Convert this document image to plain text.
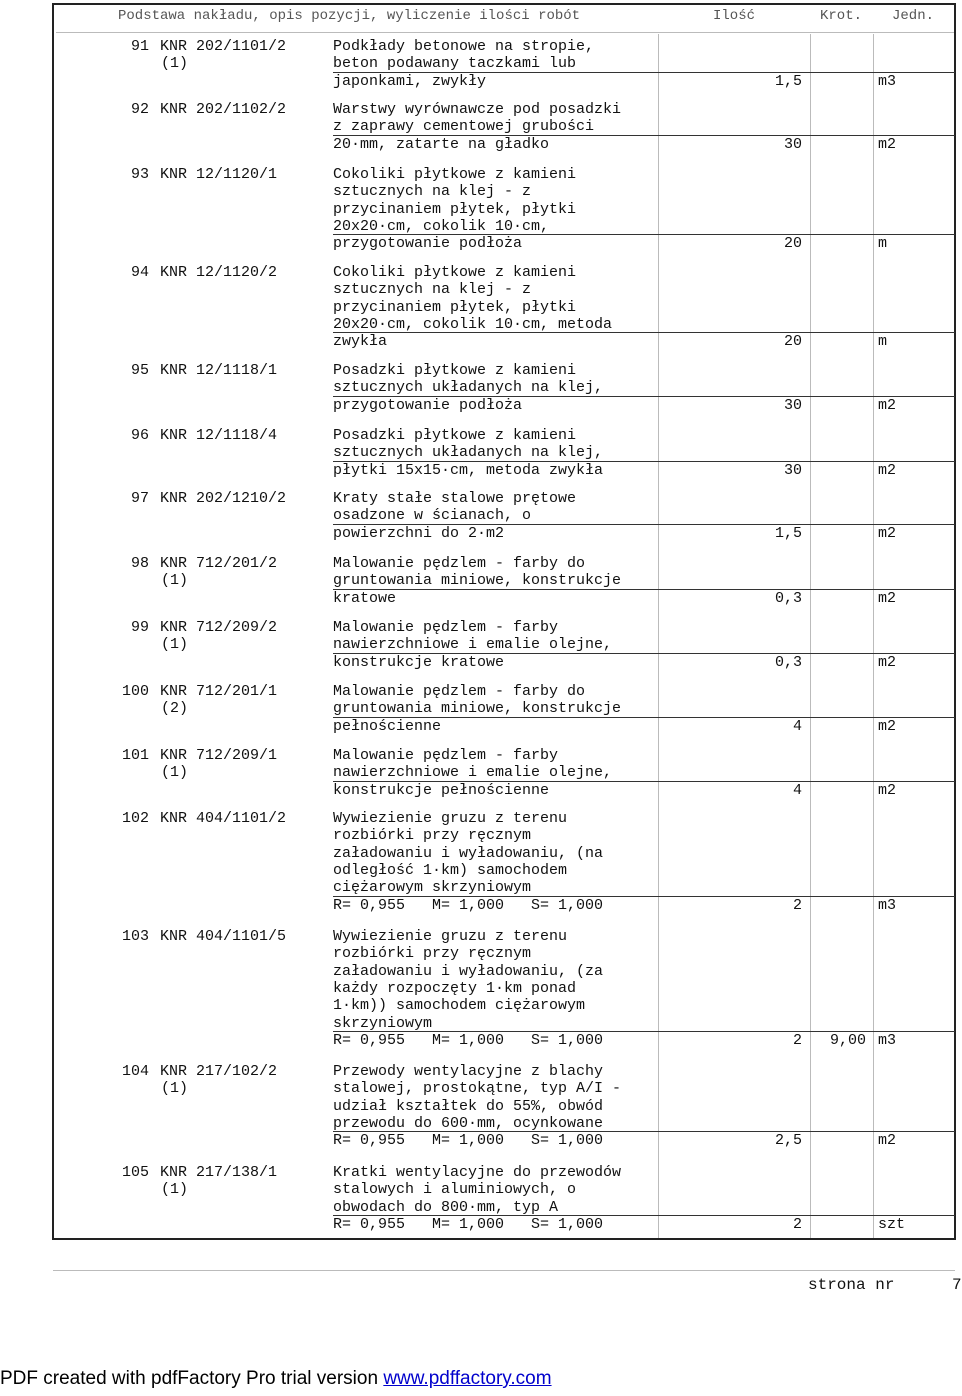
Podstawa nakładu, opis pozycji, wyliczenie ilości robót	Ilość	Krot. Jedn.
91 KNR 202/1101/2
(1)
Podkłady betonowe na stropie,
beton podawany taczkami lub
japonkami, zwykły	1,5	m3
92 KNR 202/1102/2	Warstwy wyrównawcze pod posadzki
z zaprawy cementowej grubości
20·mm, zatarte na gładko	30	m2
93 KNR 12/1120/1	Cokoliki płytkowe z kamieni
sztucznych na klej - z
przycinaniem płytek, płytki
20x20·cm, cokolik 10·cm,
przygotowanie podłoża	20	m
94 KNR 12/1120/2	Cokoliki płytkowe z kamieni
sztucznych na klej - z
przycinaniem płytek, płytki
20x20·cm, cokolik 10·cm, metoda
zwykła	20	m
95 KNR 12/1118/1	Posadzki płytkowe z kamieni
sztucznych układanych na klej,
przygotowanie podłoża	30	m2
96 KNR 12/1118/4	Posadzki płytkowe z kamieni
sztucznych układanych na klej,
płytki 15x15·cm, metoda zwykła	30	m2
97 KNR 202/1210/2	Kraty stałe stalowe prętowe
osadzone w ścianach, o
powierzchni do 2·m2	1,5	m2
98 KNR 712/201/2
(1)
Malowanie pędzlem - farby do
gruntowania miniowe, konstrukcje
kratowe	0,3	m2
99 KNR 712/209/2
(1)
Malowanie pędzlem - farby
nawierzchniowe i emalie olejne,
konstrukcje kratowe	0,3	m2
100 KNR 712/201/1
(2)
Malowanie pędzlem - farby do
gruntowania miniowe, konstrukcje
pełnościenne	4	m2
101 KNR 712/209/1
(1)
Malowanie pędzlem - farby
nawierzchniowe i emalie olejne,
konstrukcje pełnościenne	4	m2
102 KNR 404/1101/2	Wywiezienie gruzu z terenu
rozbiórki przy ręcznym
załadowaniu i wyładowaniu, (na
odległość 1·km) samochodem
ciężarowym skrzyniowym
R= 0,955   M= 1,000   S= 1,000	2	m3
103 KNR 404/1101/5	Wywiezienie gruzu z terenu
rozbiórki przy ręcznym
załadowaniu i wyładowaniu, (za
każdy rozpoczęty 1·km ponad
1·km)) samochodem ciężarowym
skrzyniowym
R= 0,955   M= 1,000   S= 1,000	2	9,00 m3
104 KNR 217/102/2
(1)
Przewody wentylacyjne z blachy
stalowej, prostokątne, typ A/I -
udział kształtek do 55%, obwód
przewodu do 600·mm, ocynkowane
R= 0,955   M= 1,000   S= 1,000	2,5	m2
105 KNR 217/138/1
(1)
Kratki wentylacyjne do przewodów
stalowych i aluminiowych, o
obwodach do 800·mm, typ A
R= 0,955   M= 1,000   S= 1,000	2	szt
strona nr	7
PDF created with pdfFactory Pro trial version www.pdffactory.com
